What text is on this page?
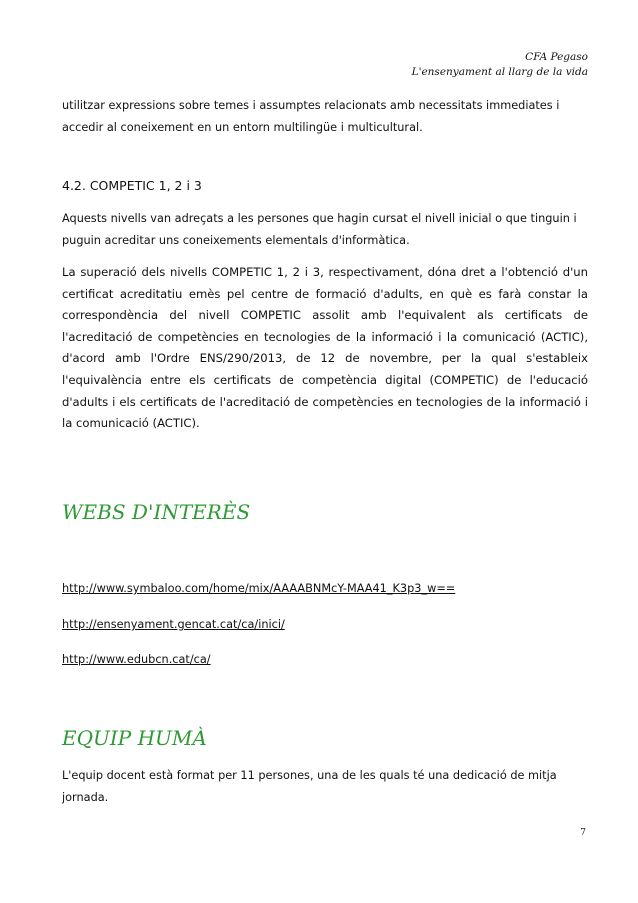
CFA Pegaso
L'ensenyament al llarg de la vida
utilitzar expressions sobre temes i assumptes relacionats amb necessitats immediates i accedir al coneixement en un entorn multilingüe i multicultural.
4.2. COMPETIC 1, 2 i 3
Aquests nivells van adreçats a les persones que hagin cursat el nivell inicial o que tinguin i puguin acreditar uns coneixements elementals d'informàtica.
La superació dels nivells COMPETIC 1, 2 i 3, respectivament, dóna dret a l'obtenció d'un certificat acreditatiu emès pel centre de formació d'adults, en què es farà constar la correspondència del nivell COMPETIC assolit amb l'equivalent als certificats de l'acreditació de competències en tecnologies de la informació i la comunicació (ACTIC), d'acord amb l'Ordre ENS/290/2013, de 12 de novembre, per la qual s'estableix l'equivalència entre els certificats de competència digital (COMPETIC) de l'educació d'adults i els certificats de l'acreditació de competències en tecnologies de la informació i la comunicació (ACTIC).
WEBS D'INTERÈS
http://www.symbaloo.com/home/mix/AAAABNMcY-MAA41_K3p3_w==
http://ensenyament.gencat.cat/ca/inici/
http://www.edubcn.cat/ca/
EQUIP HUMÀ
L'equip docent està format per 11 persones, una de les quals té una dedicació de mitja jornada.
7
